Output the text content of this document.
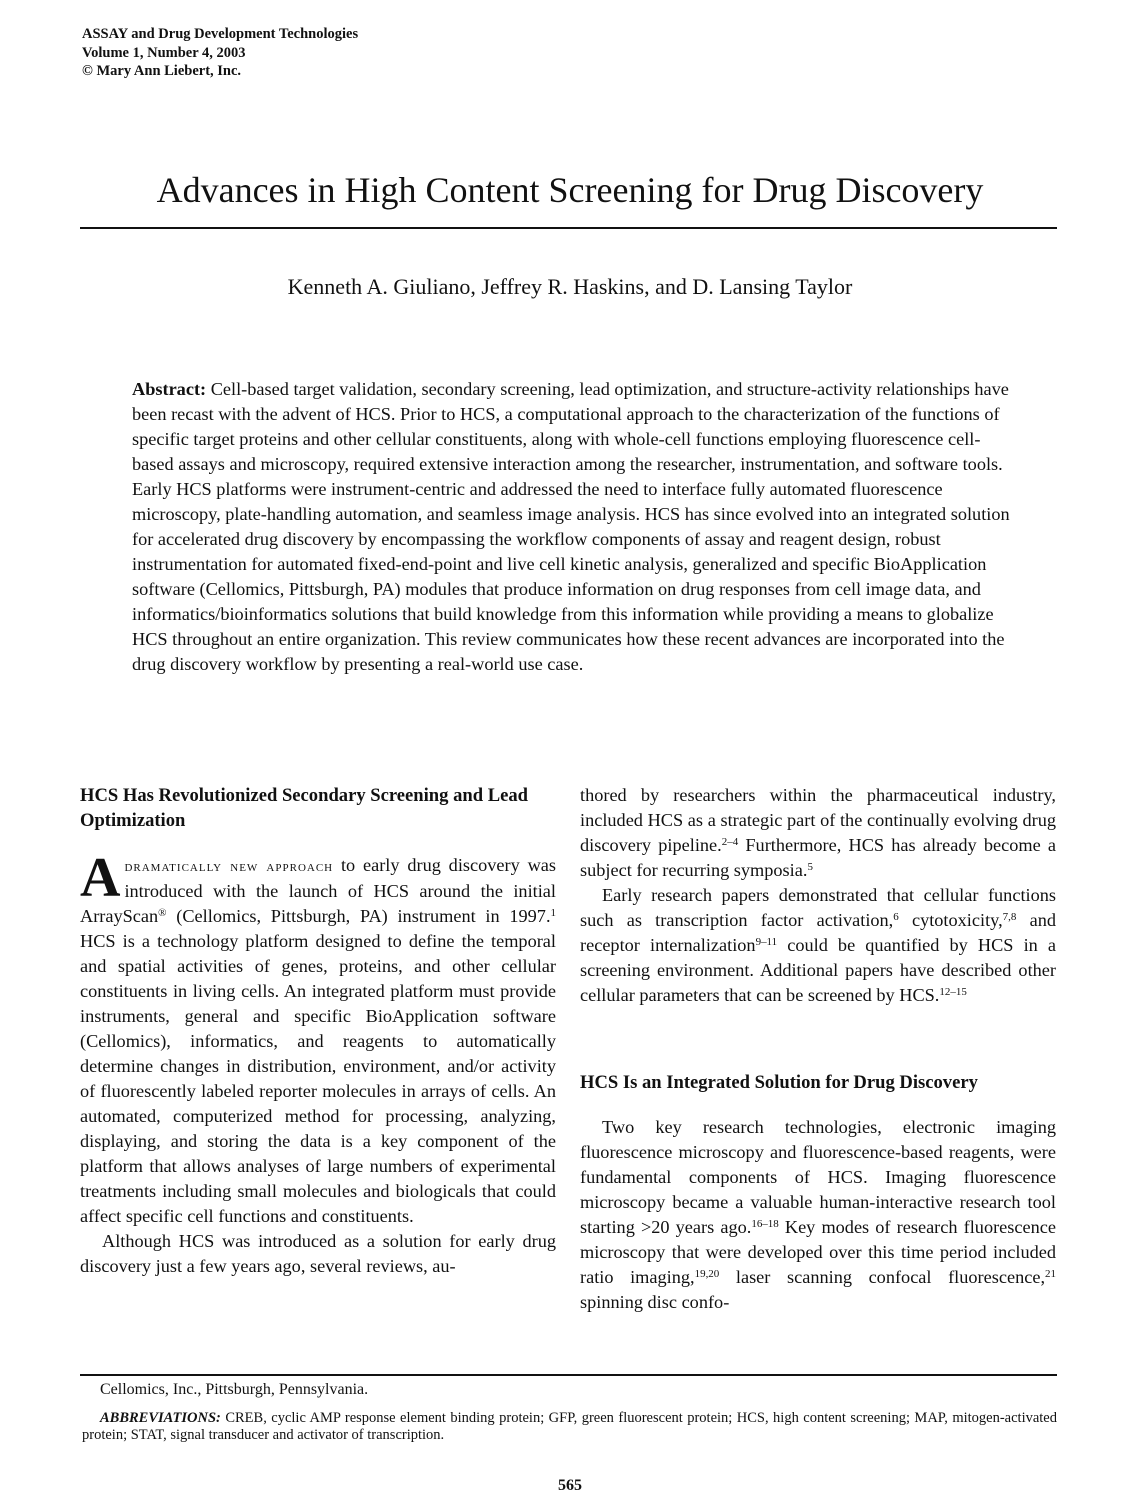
ASSAY and Drug Development Technologies
Volume 1, Number 4, 2003
© Mary Ann Liebert, Inc.
Advances in High Content Screening for Drug Discovery
Kenneth A. Giuliano, Jeffrey R. Haskins, and D. Lansing Taylor
Abstract: Cell-based target validation, secondary screening, lead optimization, and structure-activity relationships have been recast with the advent of HCS. Prior to HCS, a computational approach to the characterization of the functions of specific target proteins and other cellular constituents, along with whole-cell functions employing fluorescence cell-based assays and microscopy, required extensive interaction among the researcher, instrumentation, and software tools. Early HCS platforms were instrument-centric and addressed the need to interface fully automated fluorescence microscopy, plate-handling automation, and seamless image analysis. HCS has since evolved into an integrated solution for accelerated drug discovery by encompassing the workflow components of assay and reagent design, robust instrumentation for automated fixed-end-point and live cell kinetic analysis, generalized and specific BioApplication software (Cellomics, Pittsburgh, PA) modules that produce information on drug responses from cell image data, and informatics/bioinformatics solutions that build knowledge from this information while providing a means to globalize HCS throughout an entire organization. This review communicates how these recent advances are incorporated into the drug discovery workflow by presenting a real-world use case.

HCS Has Revolutionized Secondary Screening and Lead Optimization

Adramatically new approach to early drug discovery was introduced with the launch of HCS around the initial ArrayScan® (Cellomics, Pittsburgh, PA) instrument in 1997.$^1$ HCS is a technology platform designed to define the temporal and spatial activities of genes, proteins, and other cellular constituents in living cells. An integrated platform must provide instruments, general and specific BioApplication software (Cellomics), informatics, and reagents to automatically determine changes in distribution, environment, and/or activity of fluorescently labeled reporter molecules in arrays of cells. An automated, computerized method for processing, analyzing, displaying, and storing the data is a key component of the platform that allows analyses of large numbers of experimental treatments including small molecules and biologicals that could affect specific cell functions and constituents.

Although HCS was introduced as a solution for early drug discovery just a few years ago, several reviews, au-

thored by researchers within the pharmaceutical industry, included HCS as a strategic part of the continually evolving drug discovery pipeline.$^{2-4}$ Furthermore, HCS has already become a subject for recurring symposia.$^5$

Early research papers demonstrated that cellular functions such as transcription factor activation,$^6$ cytotoxicity,$^{7,8}$ and receptor internalization$^{9-11}$ could be quantified by HCS in a screening environment. Additional papers have described other cellular parameters that can be screened by HCS.$^{12-15}$

HCS Is an Integrated Solution for Drug Discovery

Two key research technologies, electronic imaging fluorescence microscopy and fluorescence-based reagents, were fundamental components of HCS. Imaging fluorescence microscopy became a valuable human-interactive research tool starting >20 years ago.$^{16-18}$ Key modes of research fluorescence microscopy that were developed over this time period included ratio imaging,$^{19,20}$ laser scanning confocal fluorescence,$^{21}$ spinning disc confo-

Cellomics, Inc., Pittsburgh, Pennsylvania.
ABBREVIATIONS: CREB, cyclic AMP response element binding protein; GFP, green fluorescent protein; HCS, high content screening; MAP, mitogen-activated protein; STAT, signal transducer and activator of transcription.
565
